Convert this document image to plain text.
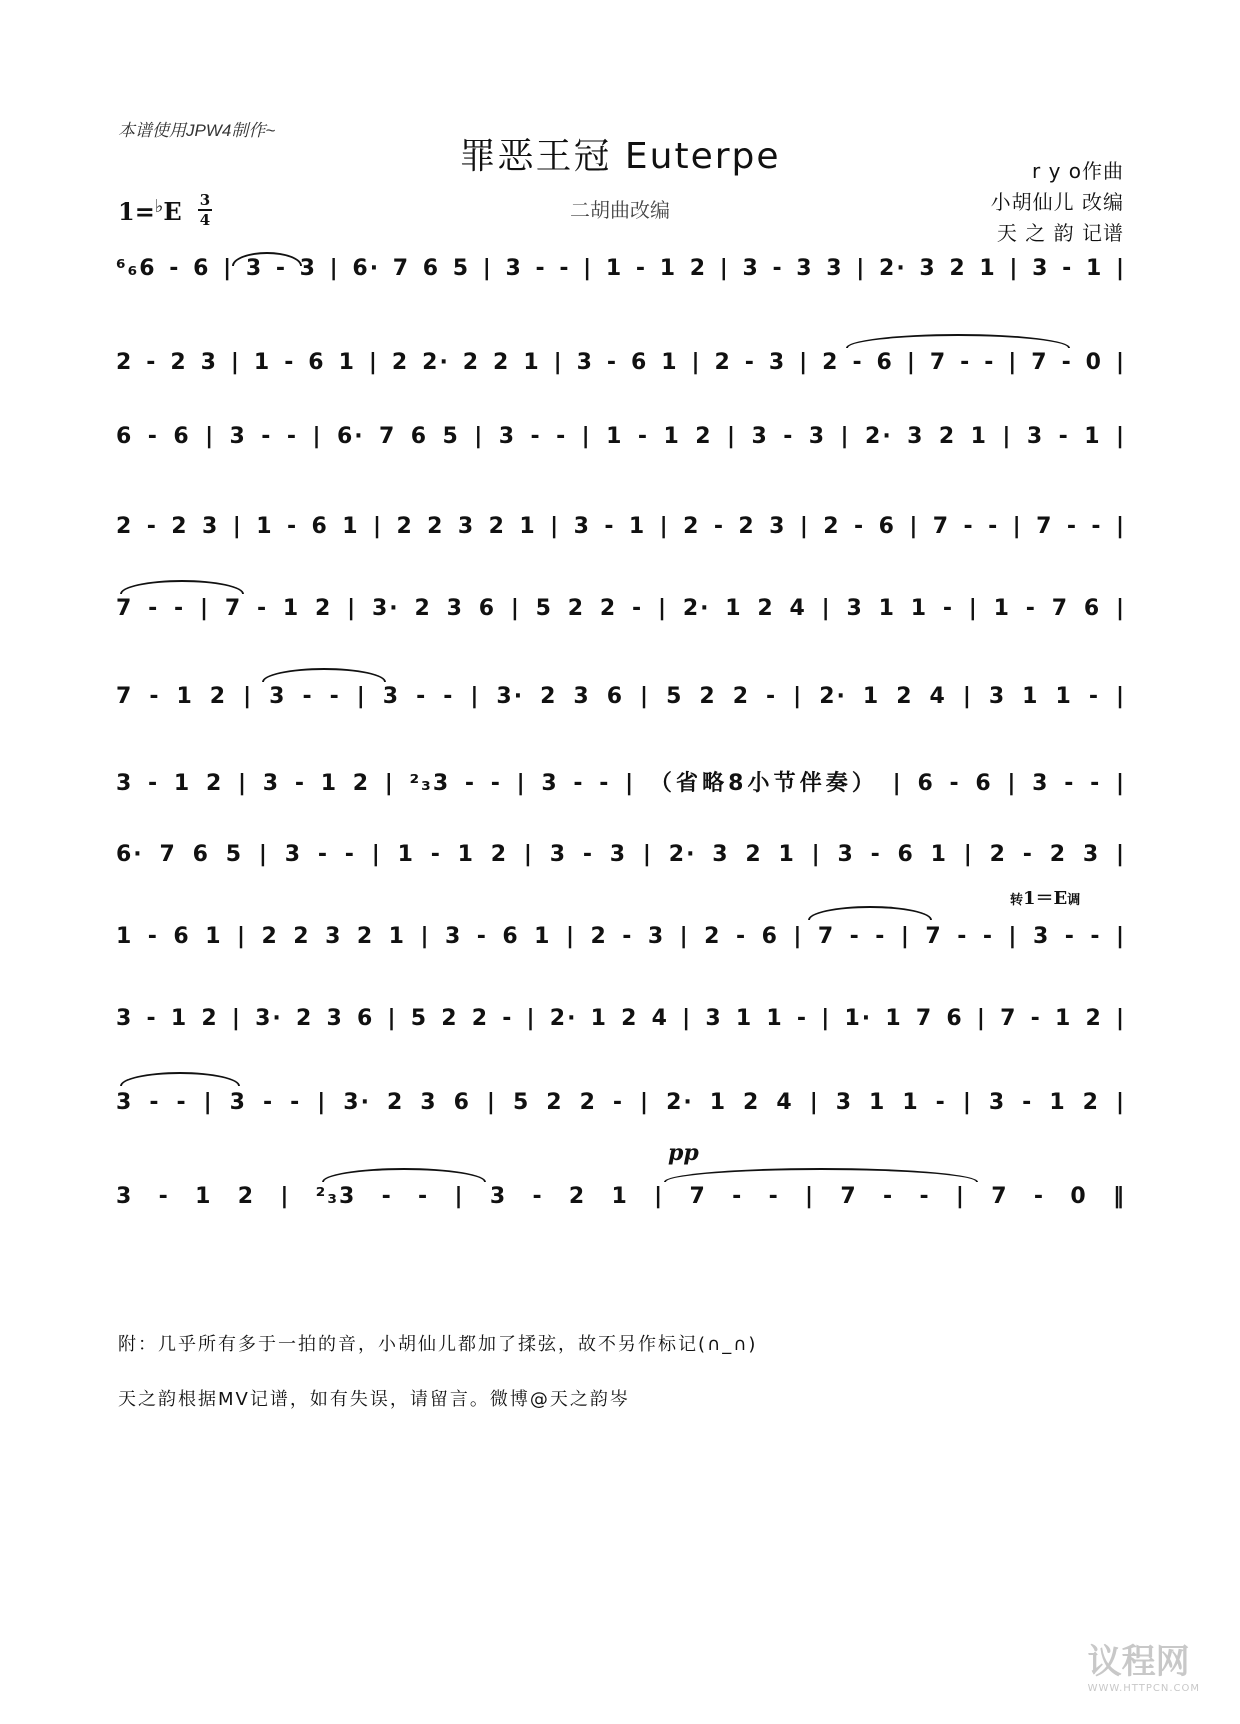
本谱使用JPW4制作~
罪恶王冠 Euterpe
二胡曲改编
r y o作曲
小胡仙儿 改编
天 之 韵 记谱
1=♭E 3
4
⁶₆6 - 6 | 3 - 3 | 6· 7 6 5 | 3 - - | 1 - 1 2 | 3 - 3 3 | 2· 3 2 1 | 3 - 1 |
2 - 2 3 | 1 - 6 1 | 2 2· 2 2 1 | 3 - 6 1 | 2 - 3 | 2 - 6 | 7 - - | 7 - 0 |
6 - 6 | 3 - - | 6· 7 6 5 | 3 - - | 1 - 1 2 | 3 - 3 | 2· 3 2 1 | 3 - 1 |
2 - 2 3 | 1 - 6 1 | 2 2 3 2 1 | 3 - 1 | 2 - 2 3 | 2 - 6 | 7 - - | 7 - - |
7 - - | 7 - 1 2 | 3· 2 3 6 | 5 2 2 - | 2· 1 2 4 | 3 1 1 - | 1 - 7 6 |
7 - 1 2 | 3 - - | 3 - - | 3· 2 3 6 | 5 2 2 - | 2· 1 2 4 | 3 1 1 - |
3 - 1 2 | 3 - 1 2 | ²₃3 - - | 3 - - | （省略8小节伴奏） | 6 - 6 | 3 - - |
6· 7 6 5 | 3 - - | 1 - 1 2 | 3 - 3 | 2· 3 2 1 | 3 - 6 1 | 2 - 2 3 |
1 - 6 1 | 2 2 3 2 1 | 3 - 6 1 | 2 - 3 | 2 - 6 | 7 - - | 7 - - | 3 - - |
3 - 1 2 | 3· 2 3 6 | 5 2 2 - | 2· 1 2 4 | 3 1 1 - | 1· 1 7 6 | 7 - 1 2 |
3 - - | 3 - - | 3· 2 3 6 | 5 2 2 - | 2· 1 2 4 | 3 1 1 - | 3 - 1 2 |
3 - 1 2 | ²₃3 - - | 3 - 2 1 | 7 - - | 7 - - | 7 - 0 ‖
转1＝E调
pp
附：几乎所有多于一拍的音，小胡仙儿都加了揉弦，故不另作标记(∩_∩)
天之韵根据MV记谱，如有失误，请留言。微博@天之韵岑
议程网
WWW.HTTPCN.COM
